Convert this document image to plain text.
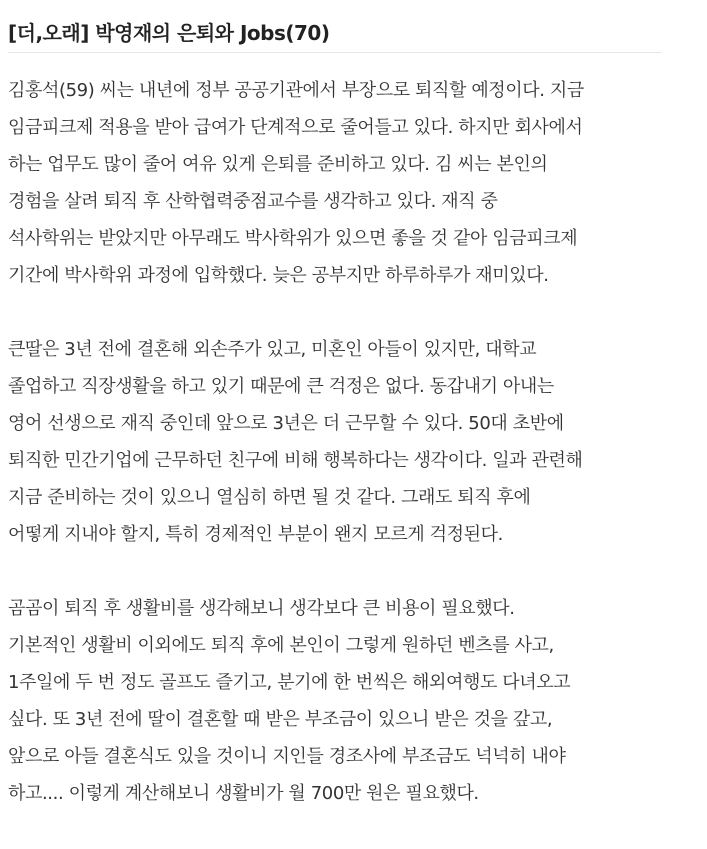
[더,오래] 박영재의 은퇴와 Jobs(70)

김홍석(59) 씨는 내년에 정부 공공기관에서 부장으로 퇴직할 예정이다. 지금
임금피크제 적용을 받아 급여가 단계적으로 줄어들고 있다. 하지만 회사에서
하는 업무도 많이 줄어 여유 있게 은퇴를 준비하고 있다. 김 씨는 본인의
경험을 살려 퇴직 후 산학협력중점교수를 생각하고 있다. 재직 중
석사학위는 받았지만 아무래도 박사학위가 있으면 좋을 것 같아 임금피크제
기간에 박사학위 과정에 입학했다. 늦은 공부지만 하루하루가 재미있다.

큰딸은 3년 전에 결혼해 외손주가 있고, 미혼인 아들이 있지만, 대학교
졸업하고 직장생활을 하고 있기 때문에 큰 걱정은 없다. 동갑내기 아내는
영어 선생으로 재직 중인데 앞으로 3년은 더 근무할 수 있다. 50대 초반에
퇴직한 민간기업에 근무하던 친구에 비해 행복하다는 생각이다. 일과 관련해
지금 준비하는 것이 있으니 열심히 하면 될 것 같다. 그래도 퇴직 후에
어떻게 지내야 할지, 특히 경제적인 부분이 왠지 모르게 걱정된다.

곰곰이 퇴직 후 생활비를 생각해보니 생각보다 큰 비용이 필요했다.
기본적인 생활비 이외에도 퇴직 후에 본인이 그렇게 원하던 벤츠를 사고,
1주일에 두 번 정도 골프도 즐기고, 분기에 한 번씩은 해외여행도 다녀오고
싶다. 또 3년 전에 딸이 결혼할 때 받은 부조금이 있으니 받은 것을 갚고,
앞으로 아들 결혼식도 있을 것이니 지인들 경조사에 부조금도 넉넉히 내야
하고.... 이렇게 계산해보니 생활비가 월 700만 원은 필요했다.
